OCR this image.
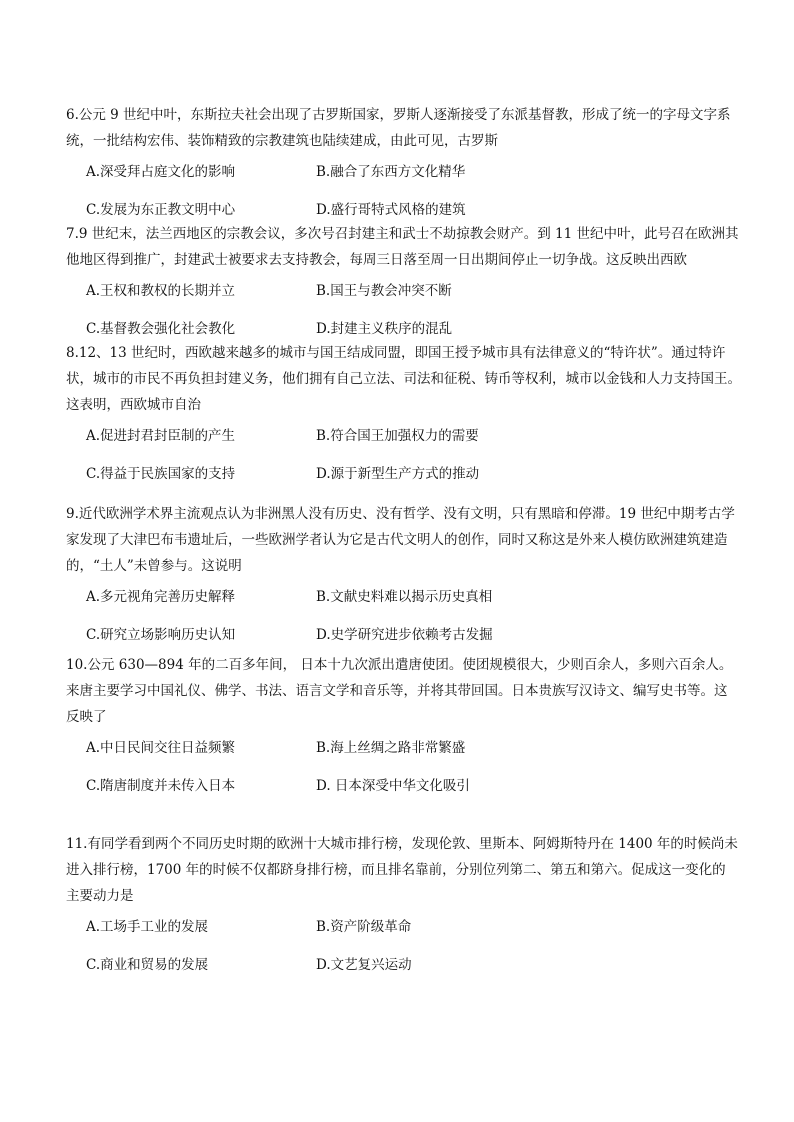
6.公元 9 世纪中叶，东斯拉夫社会出现了古罗斯国家，罗斯人逐渐接受了东派基督教，形成了统一的字母文字系
统，一批结构宏伟、装饰精致的宗教建筑也陆续建成，由此可见，古罗斯
A.深受拜占庭文化的影响	B.融合了东西方文化精华
C.发展为东正教文明中心	D.盛行哥特式风格的建筑
7.9 世纪末，法兰西地区的宗教会议，多次号召封建主和武士不劫掠教会财产。到 11 世纪中叶，此号召在欧洲其
他地区得到推广，封建武士被要求去支持教会，每周三日落至周一日出期间停止一切争战。这反映出西欧
A.王权和教权的长期并立	B.国王与教会冲突不断
C.基督教会强化社会教化	D.封建主义秩序的混乱
8.12、13 世纪时，西欧越来越多的城市与国王结成同盟，即国王授予城市具有法律意义的“特许状”。通过特许
状，城市的市民不再负担封建义务，他们拥有自己立法、司法和征税、铸币等权利，城市以金钱和人力支持国王。
这表明，西欧城市自治
A.促进封君封臣制的产生	B.符合国王加强权力的需要
C.得益于民族国家的支持	D.源于新型生产方式的推动
9.近代欧洲学术界主流观点认为非洲黑人没有历史、没有哲学、没有文明，只有黑暗和停滞。19 世纪中期考古学
家发现了大津巴布韦遗址后，一些欧洲学者认为它是古代文明人的创作，同时又称这是外来人模仿欧洲建筑建造
的，“土人”未曾参与。这说明
A.多元视角完善历史解释	B.文献史料难以揭示历史真相
C.研究立场影响历史认知	D.史学研究进步依赖考古发掘
10.公元 630—894 年的二百多年间， 日本十九次派出遣唐使团。使团规模很大，少则百余人，多则六百余人。
来唐主要学习中国礼仪、佛学、书法、语言文学和音乐等，并将其带回国。日本贵族写汉诗文、编写史书等。这
反映了
A.中日民间交往日益频繁	B.海上丝绸之路非常繁盛
C.隋唐制度并未传入日本	D. 日本深受中华文化吸引
11.有同学看到两个不同历史时期的欧洲十大城市排行榜，发现伦敦、里斯本、阿姆斯特丹在 1400 年的时候尚未
进入排行榜，1700 年的时候不仅都跻身排行榜，而且排名靠前，分别位列第二、第五和第六。促成这一变化的
主要动力是
A.工场手工业的发展	B.资产阶级革命
C.商业和贸易的发展	D.文艺复兴运动
